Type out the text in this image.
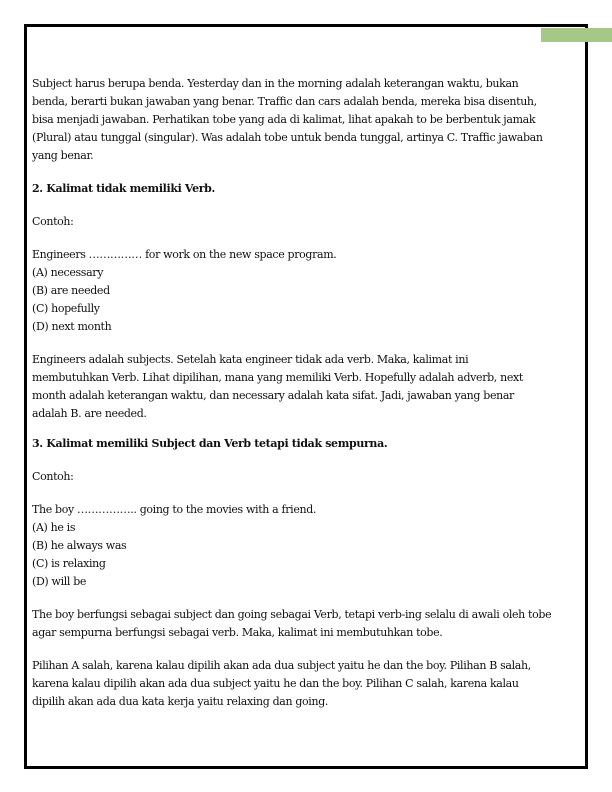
Subject harus berupa benda. Yesterday dan in the morning adalah keterangan waktu, bukan

benda, berarti bukan jawaban yang benar. Traffic dan cars adalah benda, mereka bisa disentuh,

bisa menjadi jawaban. Perhatikan tobe yang ada di kalimat, lihat apakah to be berbentuk jamak

(Plural) atau tunggal (singular). Was adalah tobe untuk benda tunggal, artinya C. Traffic jawaban

yang benar.

2. Kalimat tidak memiliki Verb.

Contoh:

Engineers …………… for work on the new space program.

(A) necessary

(B) are needed

(C) hopefully

(D) next month

Engineers adalah subjects. Setelah kata engineer tidak ada verb. Maka, kalimat ini

membutuhkan Verb. Lihat dipilihan, mana yang memiliki Verb. Hopefully adalah adverb, next

month adalah keterangan waktu, dan necessary adalah kata sifat. Jadi, jawaban yang benar

adalah B. are needed.

3. Kalimat memiliki Subject dan Verb tetapi tidak sempurna.

Contoh:

The boy …………….. going to the movies with a friend.

(A) he is

(B) he always was

(C) is relaxing

(D) will be

The boy berfungsi sebagai subject dan going sebagai Verb, tetapi verb-ing selalu di awali oleh tobe

agar sempurna berfungsi sebagai verb. Maka, kalimat ini membutuhkan tobe.

Pilihan A salah, karena kalau dipilih akan ada dua subject yaitu he dan the boy. Pilihan B salah,

karena kalau dipilih akan ada dua subject yaitu he dan the boy. Pilihan C salah, karena kalau

dipilih akan ada dua kata kerja yaitu relaxing dan going.
